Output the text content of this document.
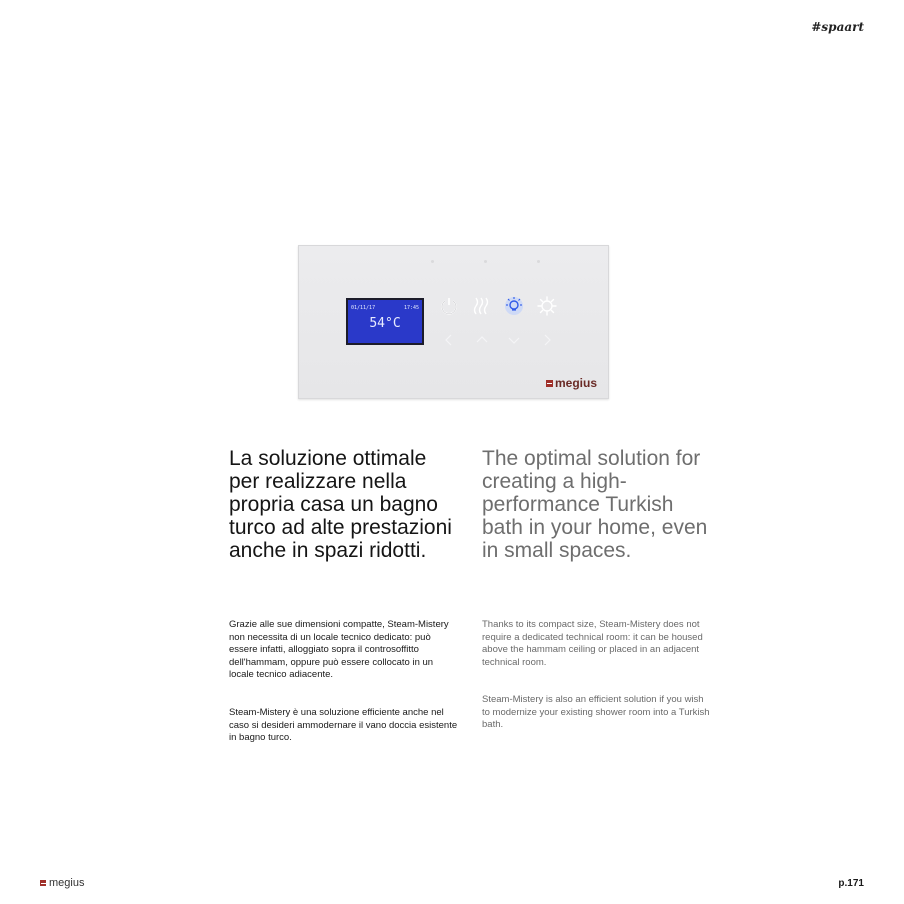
#spaart
01/11/17	17:45
54°C
megius
La soluzione ottimale per realizzare nella propria casa un bagno turco ad alte prestazioni anche in spazi ridotti.
The optimal solution for creating a high-performance Turkish bath in your home, even in small spaces.

Grazie alle sue dimensioni compatte, Steam-Mistery non necessita di un locale tecnico dedicato: può essere infatti, alloggiato sopra il controsoffitto dell'hammam, oppure può essere collocato in un locale tecnico adiacente.

Steam-Mistery è una soluzione efficiente anche nel caso si desideri ammodernare il vano doccia esistente in bagno turco.

Thanks to its compact size, Steam-Mistery does not require a dedicated technical room: it can be housed above the hammam ceiling or placed in an adjacent technical room.

Steam-Mistery is also an efficient solution if you wish to modernize your existing shower room into a Turkish bath.

megius	p.171
